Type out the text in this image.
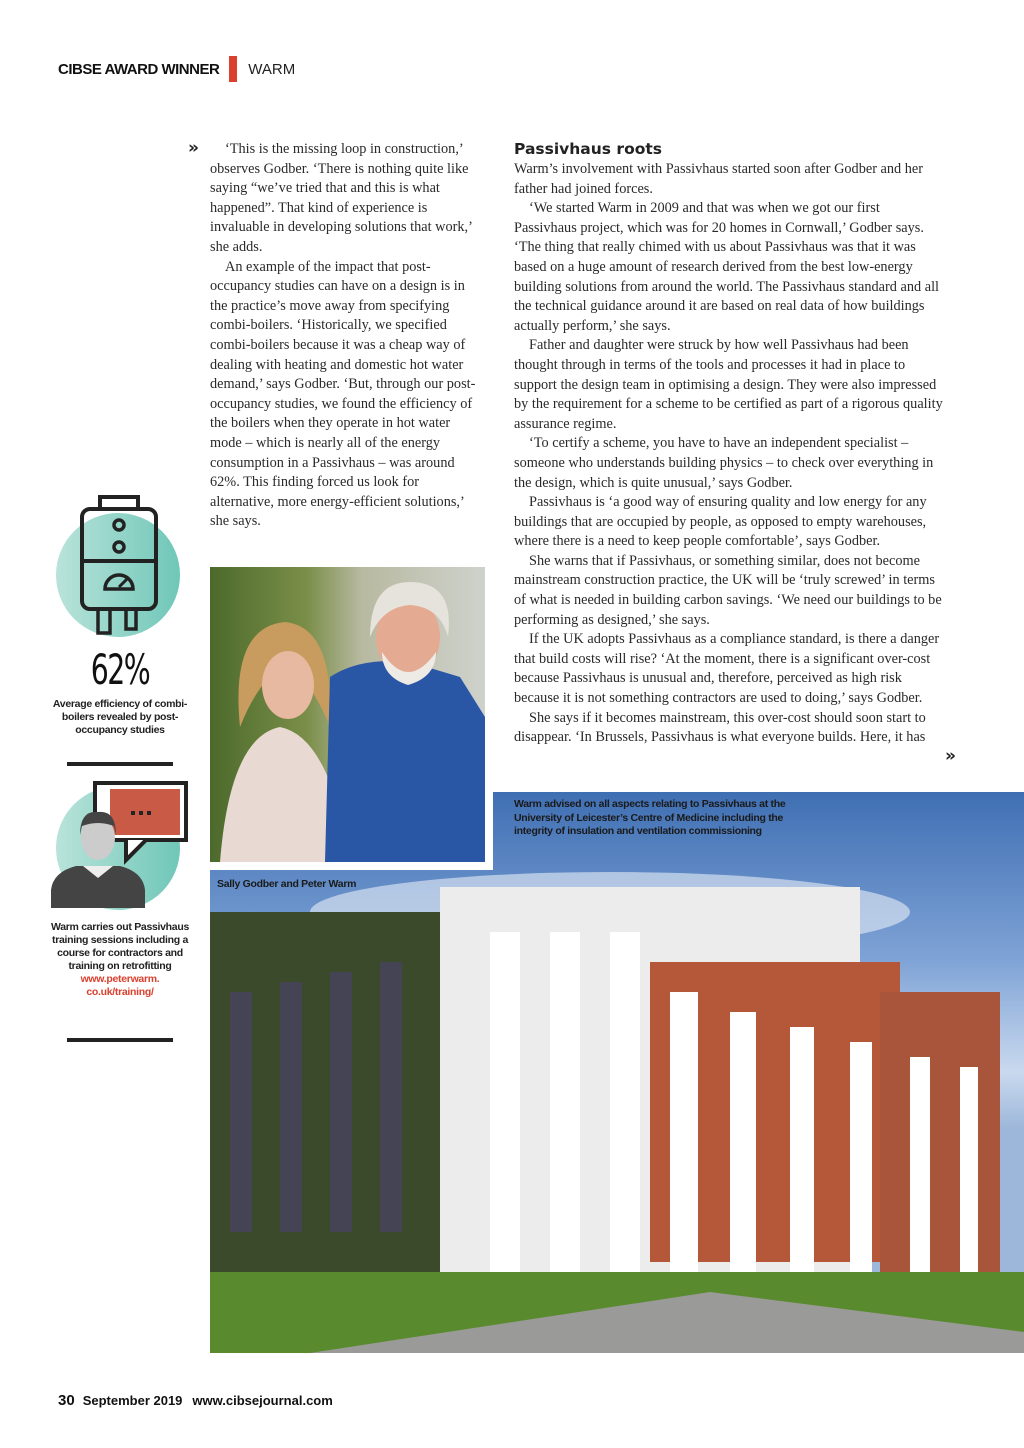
CIBSE AWARD WINNER WARM
»	‘This is the missing loop in construction,’ observes Godber. ‘There is nothing quite like saying “we’ve tried that and this is what happened”. That kind of experience is invaluable in developing solutions that work,’ she adds.

An example of the impact that post-occupancy studies can have on a design is in the practice’s move away from specifying combi-boilers. ‘Historically, we specified combi-boilers because it was a cheap way of dealing with heating and domestic hot water demand,’ says Godber. ‘But, through our post-occupancy studies, we found the efficiency of the boilers when they operate in hot water mode – which is nearly all of the energy consumption in a Passivhaus – was around 62%. This finding forced us look for alternative, more energy-efficient solutions,’ she says.

Passivhaus roots

Warm’s involvement with Passivhaus started soon after Godber and her father had joined forces.

‘We started Warm in 2009 and that was when we got our first Passivhaus project, which was for 20 homes in Cornwall,’ Godber says. ‘The thing that really chimed with us about Passivhaus was that it was based on a huge amount of research derived from the best low-energy building solutions from around the world. The Passivhaus standard and all the technical guidance around it are based on real data of how buildings actually perform,’ she says.

Father and daughter were struck by how well Passivhaus had been thought through in terms of the tools and processes it had in place to support the design team in optimising a design. They were also impressed by the requirement for a scheme to be certified as part of a rigorous quality assurance regime.

‘To certify a scheme, you have to have an independent specialist – someone who understands building physics – to check over everything in the design, which is quite unusual,’ says Godber.

Passivhaus is ‘a good way of ensuring quality and low energy for any buildings that are occupied by people, as opposed to empty warehouses, where there is a need to keep people comfortable’, says Godber.

She warns that if Passivhaus, or something similar, does not become mainstream construction practice, the UK will be ‘truly screwed’ in terms of what is needed in building carbon savings. ‘We need our buildings to be performing as designed,’ she says.

If the UK adopts Passivhaus as a compliance standard, is there a danger that build costs will rise? ‘At the moment, there is a significant over-cost because Passivhaus is unusual and, therefore, perceived as high risk because it is not something contractors are used to doing,’ says Godber.

She says if it becomes mainstream, this over-cost should soon start to disappear. ‘In Brussels, Passivhaus is what everyone builds. Here, it has

»
62%
Average efficiency of combi-boilers revealed by post-occupancy studies
Warm carries out Passivhaus training sessions including a course for contractors and training on retrofitting
www.peterwarm. co.uk/training/
Warm advised on all aspects relating to Passivhaus at the University of Leicester’s Centre of Medicine including the integrity of insulation and ventilation commissioning
Sally Godber and Peter Warm
30 September 2019 www.cibsejournal.com
